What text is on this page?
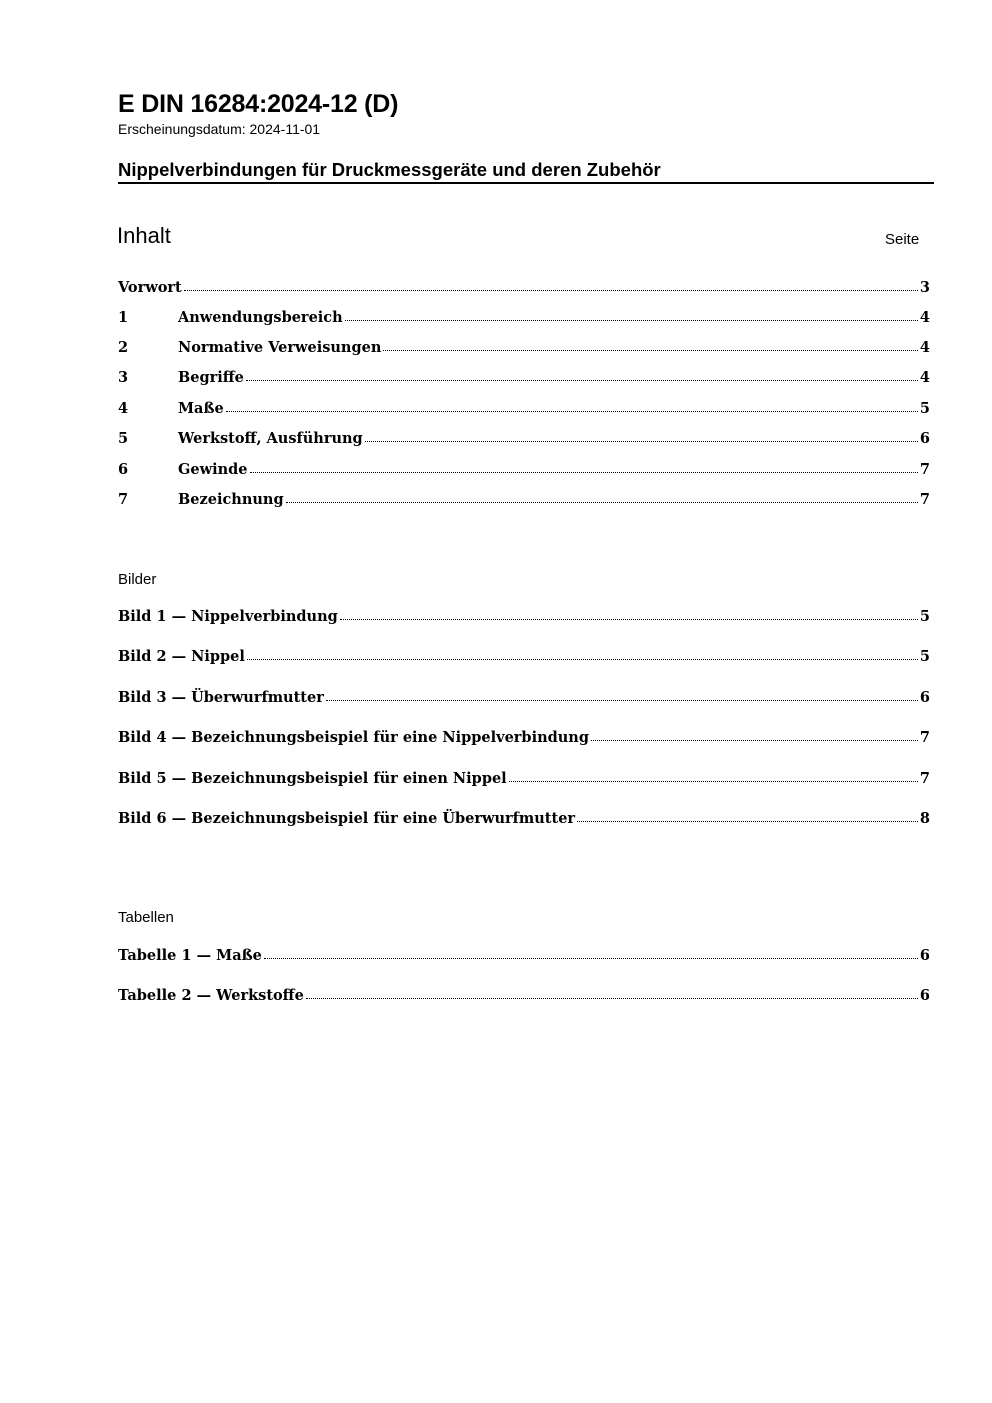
E DIN 16284:2024-12 (D)
Erscheinungsdatum: 2024-11-01
Nippelverbindungen für Druckmessgeräte und deren Zubehör
Inhalt	Seite
Vorwort	3
1	Anwendungsbereich	4
2	Normative Verweisungen	4
3	Begriffe	4
4	Maße	5
5	Werkstoff, Ausführung	6
6	Gewinde	7
7	Bezeichnung	7
Bilder
Bild 1 — Nippelverbindung	5
Bild 2 — Nippel	5
Bild 3 — Überwurfmutter	6
Bild 4 — Bezeichnungsbeispiel für eine Nippelverbindung	7
Bild 5 — Bezeichnungsbeispiel für einen Nippel	7
Bild 6 — Bezeichnungsbeispiel für eine Überwurfmutter	8
Tabellen
Tabelle 1 — Maße	6
Tabelle 2 — Werkstoffe	6
